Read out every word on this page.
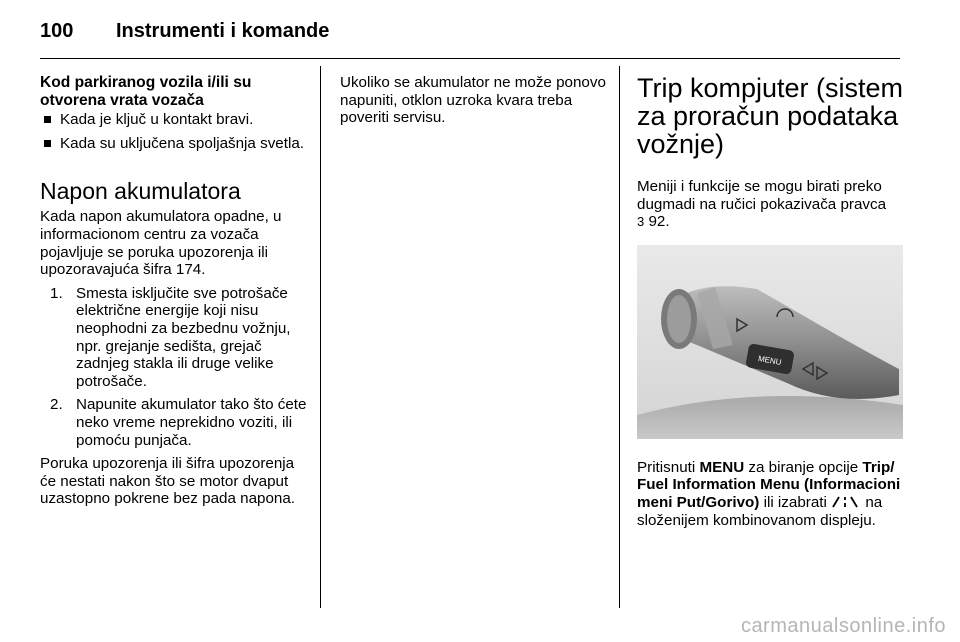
100 Instrumenti i komande
Kod parkiranog vozila i/ili su otvorena vrata vozača
Kada je ključ u kontakt bravi.
Kada su uključena spoljašnja svetla.
Napon akumulatora

Kada napon akumulatora opadne, u informacionom centru za vozača pojavljuje se poruka upozorenja ili upozoravajuća šifra 174.

1. Smesta isključite sve potrošače električne energije koji nisu neophodni za bezbednu vožnju, npr. grejanje sedišta, grejač zadnjeg stakla ili druge velike potrošače.
2. Napunite akumulator tako što ćete neko vreme neprekidno voziti, ili pomoću punjača.

Poruka upozorenja ili šifra upozorenja će nestati nakon što se motor dvaput uzastopno pokrene bez pada napona.

Ukoliko se akumulator ne može ponovo napuniti, otklon uzroka kvara treba poveriti servisu.

Trip kompjuter (sistem za proračun podataka vožnje)

Meniji i funkcije se mogu birati preko dugmadi na ručici pokazivača pravca
3 92.

MENU

Pritisnuti MENU za biranje opcije Trip/ Fuel Information Menu (Informacioni meni Put/Gorivo) ili izabrati  na složenijem kombinovanom displeju.

carmanualsonline.info
